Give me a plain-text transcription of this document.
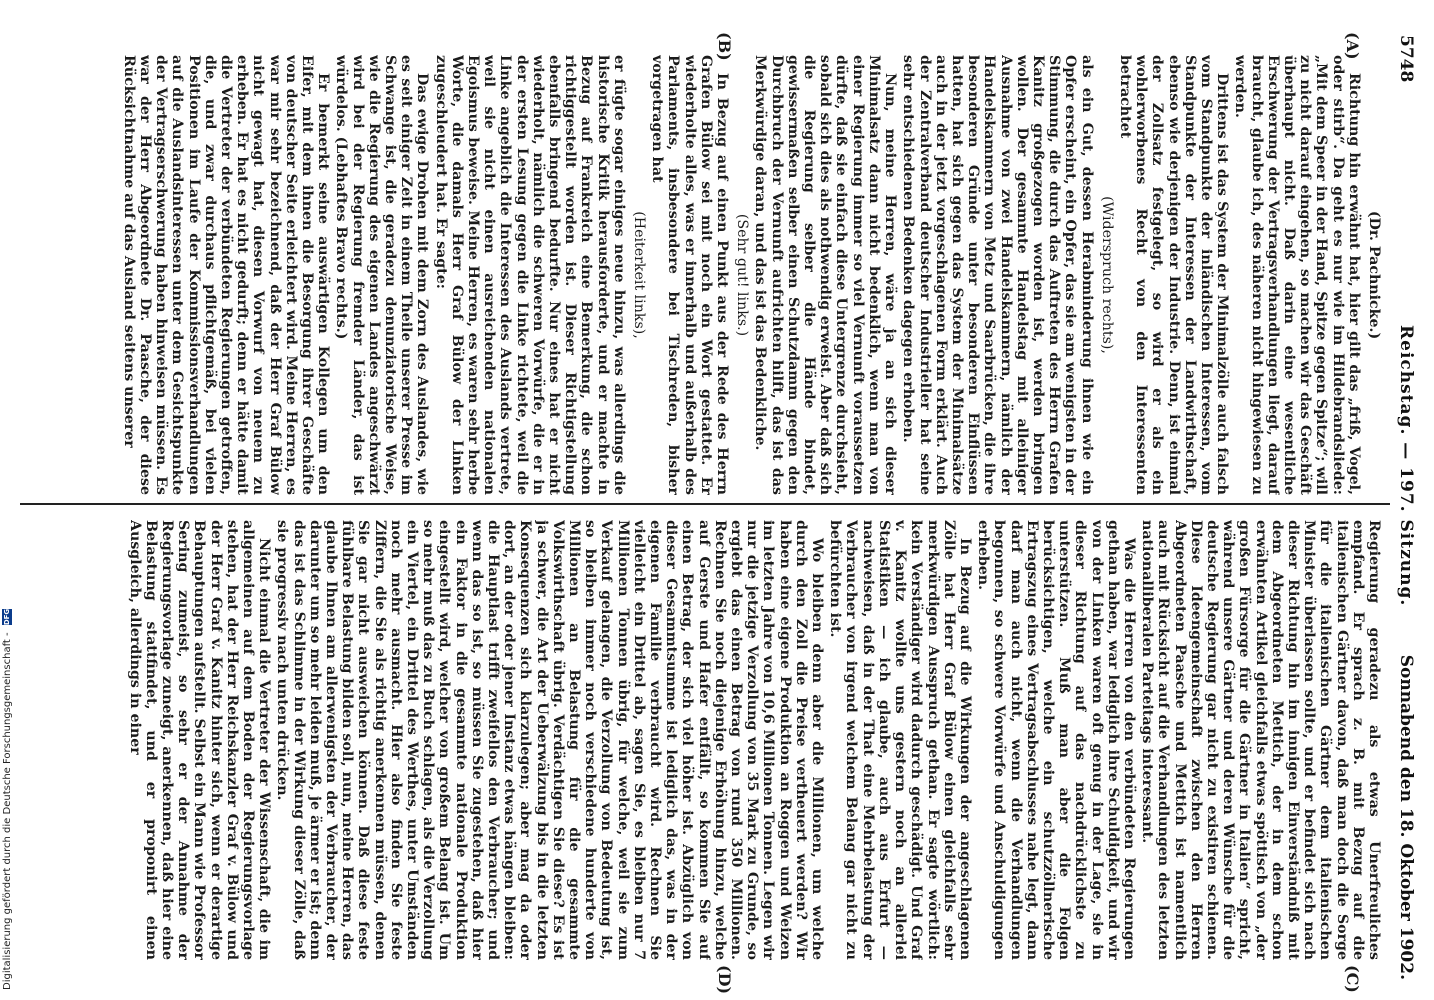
5748
Reichstag. — 197. Sitzung.
Sonnabend den 18. Oktober 1902.
(A)
(B)
(C)
(D)

(Dr. Pachnicke.)

Richtung hin erwähnt hat, hier gilt das „friß, Vogel, oder stirb“. Da geht es nur wie im Hildebrandsliede: „Mit dem Speer in der Hand, Spitze gegen Spitze“; will zu nicht darauf eingehen, so machen wir das Geschäft überhaupt nicht. Daß darin eine wesentliche Erschwerung der Vertragsverhandlungen liegt, darauf braucht, glaube ich, des näheren nicht hingewiesen zu werden.

Drittens ist das System der Minimalzölle auch falsch vom Standpunkte der inländischen Interessen, vom Standpunkte der Interessen der Landwirthschaft, ebenso wie derjenigen der Industrie. Denn, ist einmal der Zollsatz festgelegt, so wird er als ein wohlerworbenes Recht von den Interessenten betrachtet

(Widerspruch rechts),

als ein Gut, dessen Herabminderung ihnen wie ein Opfer erscheint, ein Opfer, das sie am wenigsten in der Stimmung, die durch das Auftreten des Herrn Grafen Kanitz großgezogen worden ist, werden bringen wollen. Der gesammte Handelstag mit alleiniger Ausnahme von zwei Handelskammern, nämlich der Handelskammern von Metz und Saarbrücken, die ihre besonderen Gründe unter besonderen Einflüssen hatten, hat sich gegen das System der Minimalsätze auch in der jetzt vorgeschlagenen Form erklärt. Auch der Zentralverband deutscher Industrieller hat seine sehr entschiedenen Bedenken dagegen erhoben.

Nun, meine Herren, wäre ja an sich dieser Minimalsatz dann nicht bedenklich, wenn man von einer Regierung immer so viel Vernunft voraussetzen dürfte, daß sie einfach diese Untergrenze durchsieht, sobald sich dies als nothwendig erweist. Aber daß sich die Regierung selber die Hände bindet, gewissermaßen selber einen Schutzdamm gegen den Durchbruch der Vernunft aufrichten hilft, das ist das Merkwürdige daran, und das ist das Bedenkliche.

(Sehr gut! links.)

In Bezug auf einen Punkt aus der Rede des Herrn Grafen Bülow sei mit noch ein Wort gestattet. Er wiederholte alles, was er innerhalb und außerhalb des Parlaments, insbesondere bei Tischreden, bisher vorgetragen hat

(Heiterkeit links),

er fügte sogar einiges neue hinzu, was allerdings die historische Kritik herausforderte, und er machte in Bezug auf Frankreich eine Bemerkung, die schon richtiggestellt worden ist. Dieser Richtigstellung ebenfalls bringend bedurfte. Nur eines hat er nicht wiederholt, nämlich die schweren Vorwürfe, die er in der ersten Lesung gegen die Linke richtete, weil die Linke angeblich die Interessen des Auslands vertrete, weil sie nicht einen ausreichenden nationalen Egoismus beweise. Meine Herren, es waren sehr herbe Worte, die damals Herr Graf Bülow der Linken zugeschleudert hat. Er sagte:

Das ewige Drohen mit dem Zorn des Auslandes, wie es seit einiger Zeit in einem Theile unserer Presse im Schwange ist, die geradezu denunziatorische Weise, wie die Regierung des eigenen Landes angeschwärzt wird bei der Regierung fremder Länder, das ist würdelos. (Lebhaftes Bravo rechts.)

Er bemerkt seine auswärtigen Kollegen um den Eifer, mit dem ihnen die Besorgung ihrer Geschäfte von deutscher Seite erleichtert wird. Meine Herren, es war mir sehr bezeichnend, daß der Herr Graf Bülow nicht gewagt hat, diesen Vorwurf von neuem zu erheben. Er hat es nicht gedurft; denn er hätte damit die Vertreter der verbündeten Regierungen getroffen, die, und zwar durchaus pflichtgemäß, bei vielen Positionen im Laufe der Kommissionsverhandlungen auf die Auslandsinteressen unter dem Gesichtspunkte der Vertragserschwerung haben hinweisen müssen. Es war der Herr Abgeordnete Dr. Paasche, der diese Rücksichtnahme auf das Ausland seitens unserer

Regierung geradezu als etwas Unerfreuliches empfand. Er sprach z. B. mit Bezug auf die italienischen Gärtner davon, daß man doch die Sorge für die italienischen Gärtner dem italienischen Minister überlassen sollte, und er befindet sich nach dieser Richtung hin im innigen Einverständniß mit dem Abgeordneten Mettich, der in dem schon erwähnten Artikel gleichfalls etwas spöttisch von „der großen Fürsorge für die Gärtner in Italien“ spricht, während unsere Gärtner und deren Wünsche für die deutsche Regierung gar nicht zu existiren schienen. Diese Ideengemeinschaft zwischen den Herren Abgeordneten Paasche und Mettich ist namentlich auch mit Rücksicht auf die Verhandlungen des letzten nationalliberalen Parteitags interessant.

Was die Herren von den verbündeten Regierungen gethan haben, war lediglich ihre Schuldigkeit, und wir von der Linken waren oft genug in der Lage, sie in dieser Richtung auf das nachdrücklichste zu unterstützen. Muß man aber die Folgen berücksichtigen, welche ein schutzzöllnerische Ertragszug eines Vertragsabschlusses nahe legt, dann darf man auch nicht, wenn die Verhandlungen begonnen, so schwere Vorwürfe und Anschuldigungen erheben.

In Bezug auf die Wirkungen der angeschlagenen Zölle hat Herr Graf Bülow einen gleichfalls sehr merkwürdigen Ausspruch gethan. Er sagte wörtlich: kein Verständiger wird dadurch geschädigt. Und Graf v. Kanitz wollte uns gestern noch an allerlei Statistiken — ich glaube, auch aus Erfurt — nachweisen, daß in der That eine Mehrbelastung der Verbraucher von irgend welchem Belang gar nicht zu befürchten ist.

Wo bleiben denn aber die Millionen, um welche durch den Zoll die Preise vertheuert werden? Wir haben eine eigene Produktion an Roggen und Weizen im letzten Jahre von 10,6 Millionen Tonnen. Legen wir nur die jetzige Verzollung von 35 Mark zu Grunde, so ergiebt das einen Betrag von rund 350 Millionen. Rechnen Sie noch diejenige Erhöhung hinzu, welche auf Gerste und Hafer entfällt, so kommen Sie auf einen Betrag, der sich viel höher ist. Abzüglich von dieser Gesammtsumme ist lediglich das, was in der eigenen Familie verbraucht wird. Rechnen Sie vielleicht ein Drittel ab, sagen Sie, es bleiben nur 7 Millionen Tonnen übrig, für welche, weil sie zum Verkauf gelangen, die Verzollung von Bedeutung ist, so bleiben immer noch verschiedene hunderte von Millionen an Belastung für die gesammte Volkswirthschaft übrig. Verdächtigen Sie diese? Es ist ja schwer, die Art der Ueberwälzung bis in die letzten Konsequenzen sich klarzulegen; aber mag da oder dort, an der oder jener Instanz etwas hängen bleiben: die Hauptlast trifft zweifellos den Verbraucher; und wenn das so ist, so müssen Sie zugestehen, daß hier ein Faktor in die gesammte nationale Produktion eingestellt wird, welcher von großem Belang ist. Um so mehr muß das zu Buch schlagen, als die Verzollung ein Viertel, ein Drittel des Werthes, unter Umständen noch mehr ausmacht. Hier also finden Sie feste Ziffern, die Sie als richtig anerkennen müssen, denen Sie gar nicht ausweichen können. Daß diese feste fühlbare Belastung bilden soll, nun, meine Herren, das glaube Ihnen am allerwenigsten der Verbraucher, der darunter um so mehr leiden muß, je ärmer er ist; denn das ist das Schlimme in der Wirkung dieser Zölle, daß sie progressiv nach unten drücken.

Nicht einmal die Vertreter der Wissenschaft, die im allgemeinen auf dem Boden der Regierungsvorlage stehen, hat der Herr Reichskanzler Graf v. Bülow und der Herr Graf v. Kanitz hinter sich, wenn er derartige Behauptungen aufstellt. Selbst ein Mann wie Professor Sering zumeist, so sehr er der Annahme der Regierungsvorlage zuneigt, anerkennen, daß hier eine Belastung stattfindet, und er proponirt einen Ausgleich, allerdings in einer

Digitalisierung gefördert durch die Deutsche Forschungsgemeinschaft - DFG
